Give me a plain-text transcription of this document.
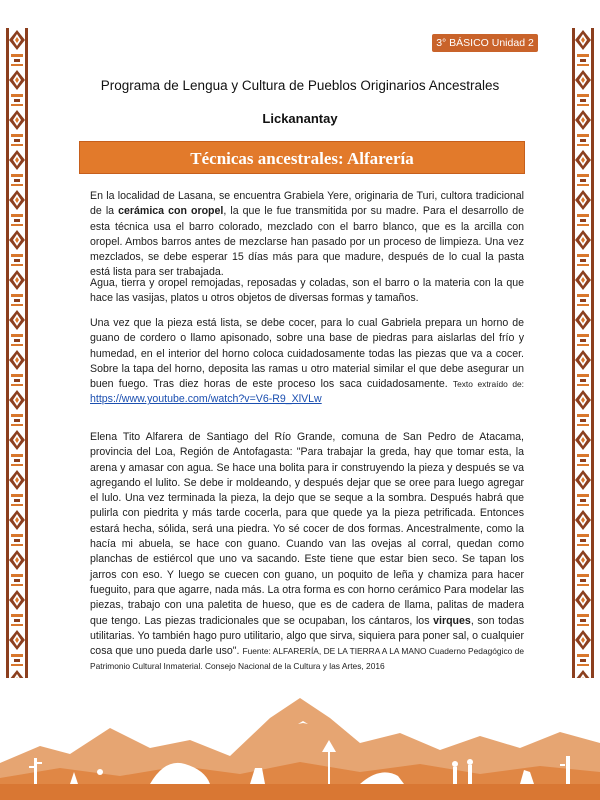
3° BÁSICO Unidad 2
Programa de Lengua y Cultura de Pueblos Originarios Ancestrales
Lickanantay
Técnicas ancestrales: Alfarería

En la localidad de Lasana, se encuentra Grabiela Yere, originaria de Turi, cultora tradicional de la cerámica con oropel, la que le fue transmitida por su madre. Para el desarrollo de esta técnica usa el barro colorado, mezclado con el barro blanco, que es la arcilla con oropel. Ambos barros antes de mezclarse han pasado por un proceso de limpieza. Una vez mezclados, se debe esperar 15 días más para que madure, después de lo cual la pasta está lista para ser trabajada.

Agua, tierra y oropel remojadas, reposadas y coladas, son el barro o la materia con la que hace las vasijas, platos u otros objetos de diversas formas y tamaños.

Una vez que la pieza está lista, se debe cocer, para lo cual Gabriela prepara un horno de guano de cordero o llamo apisonado, sobre una base de piedras para aislarlas del frío y humedad, en el interior del horno coloca cuidadosamente todas las piezas que va a cocer. Sobre la tapa del horno, deposita las ramas u otro material similar el que debe asegurar un buen fuego. Tras diez horas de este proceso los saca cuidadosamente. Texto extraído de: https://www.youtube.com/watch?v=V6-R9_XlVLw

Elena Tito Alfarera de Santiago del Río Grande, comuna de San Pedro de Atacama, provincia del Loa, Región de Antofagasta: "Para trabajar la greda, hay que tomar esta, la arena y amasar con agua. Se hace una bolita para ir construyendo la pieza y después se va agregando el lulito. Se debe ir moldeando, y después dejar que se oree para luego agregar el lulo. Una vez terminada la pieza, la dejo que se seque a la sombra. Después habrá que pulirla con piedrita y más tarde cocerla, para que quede ya la pieza petrificada. Entonces estará hecha, sólida, será una piedra. Yo sé cocer de dos formas. Ancestralmente, como la hacía mi abuela, se hace con guano. Cuando van las ovejas al corral, quedan como planchas de estiércol que uno va sacando. Este tiene que estar bien seco. Se tapan los jarros con eso. Y luego se cuecen con guano, un poquito de leña y chamiza para hacer fueguito, para que agarre, nada más. La otra forma es con horno cerámico Para modelar las piezas, trabajo con una paletita de hueso, que es de cadera de llama, palitas de madera que tengo. Las piezas tradicionales que se ocupaban, los cántaros, los virques, son todas utilitarias. Yo también hago puro utilitario, algo que sirva, siquiera para poner sal, o cualquier cosa que uno pueda darle uso". Fuente: ALFARERÍA, DE LA TIERRA A LA MANO Cuaderno Pedagógico de Patrimonio Cultural Inmaterial. Consejo Nacional de la Cultura y las Artes, 2016
